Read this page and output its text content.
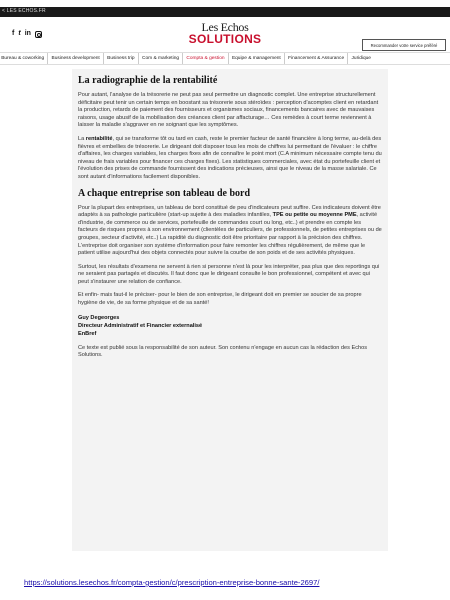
< LES ECHOS.FR
f t in	Les Echos
SOLUTIONS	Recommander votre service préféré
Bureau & coworking	Business development	Business trip	Com & marketing	Compta & gestion	Equipe & management	Financement & Assurance	Juridique
La radiographie de la rentabilité

Pour autant, l'analyse de la trésorerie ne peut pas seul permettre un diagnostic complet. Une entreprise structurellement déficitaire peut tenir un certain temps en boostant sa trésorerie sous stéroïdes : perception d'acomptes client en retardant la production, retards de paiement des fournisseurs et organismes sociaux, financements bancaires avec de mauvaises raisons, usage abusif de la mobilisation des créances client par affacturage… Ces remèdes à court terme reviennent à laisser la maladie s'aggraver en ne soignant que les symptômes.

La rentabilité, qui se transforme tôt ou tard en cash, reste le premier facteur de santé financière à long terme, au-delà des fièvres et embellies de trésorerie. Le dirigeant doit disposer tous les mois de chiffres lui permettant de l'évaluer : le chiffre d'affaires, les charges variables, les charges fixes afin de connaître le point mort (C.A minimum nécessaire compte tenu du niveau de frais variables pour financer ces charges fixes). Les statistiques commerciales, avec état du portefeuille client et l'évolution des prises de commande fournissent des indications précieuses, ainsi que le niveau de la masse salariale. Ce sont autant d'informations facilement disponibles.

A chaque entreprise son tableau de bord

Pour la plupart des entreprises, un tableau de bord constitué de peu d'indicateurs peut suffire. Ces indicateurs doivent être adaptés à sa pathologie particulière (start-up sujette à des maladies infantiles, TPE ou petite ou moyenne PME, activité d'industrie, de commerce ou de services, portefeuille de commandes court ou long, etc..) et prendre en compte les facteurs de risques propres à son environnement (clientèles de particuliers, de professionnels, de petites entreprises ou de groupes, secteur d'activité, etc..) La rapidité du diagnostic doit être prioritaire par rapport à la précision des chiffres. L'entreprise doit organiser son système d'information pour faire remonter les chiffres régulièrement, de même que le patient utilise aujourd'hui des objets connectés pour suivre la courbe de son poids et de ses activités physiques.

Surtout, les résultats d'examens ne servent à rien si personne n'est là pour les interpréter, pas plus que des reportings qui ne seraient pas partagés et discutés. Il faut donc que le dirigeant consulte le bon professionnel, compétent et avec qui peut s'instaurer une relation de confiance.

Et enfin- mais faut-il le préciser- pour le bien de son entreprise, le dirigeant doit en premier se soucier de sa propre hygiène de vie, de sa forme physique et de sa santé!

Guy Degeorges

Directeur Administratif et Financier externalisé

EnBref

Ce texte est publié sous la responsabilité de son auteur. Son contenu n'engage en aucun cas la rédaction des Echos Solutions.

https://solutions.lesechos.fr/compta-gestion/c/prescription-entreprise-bonne-sante-2697/
